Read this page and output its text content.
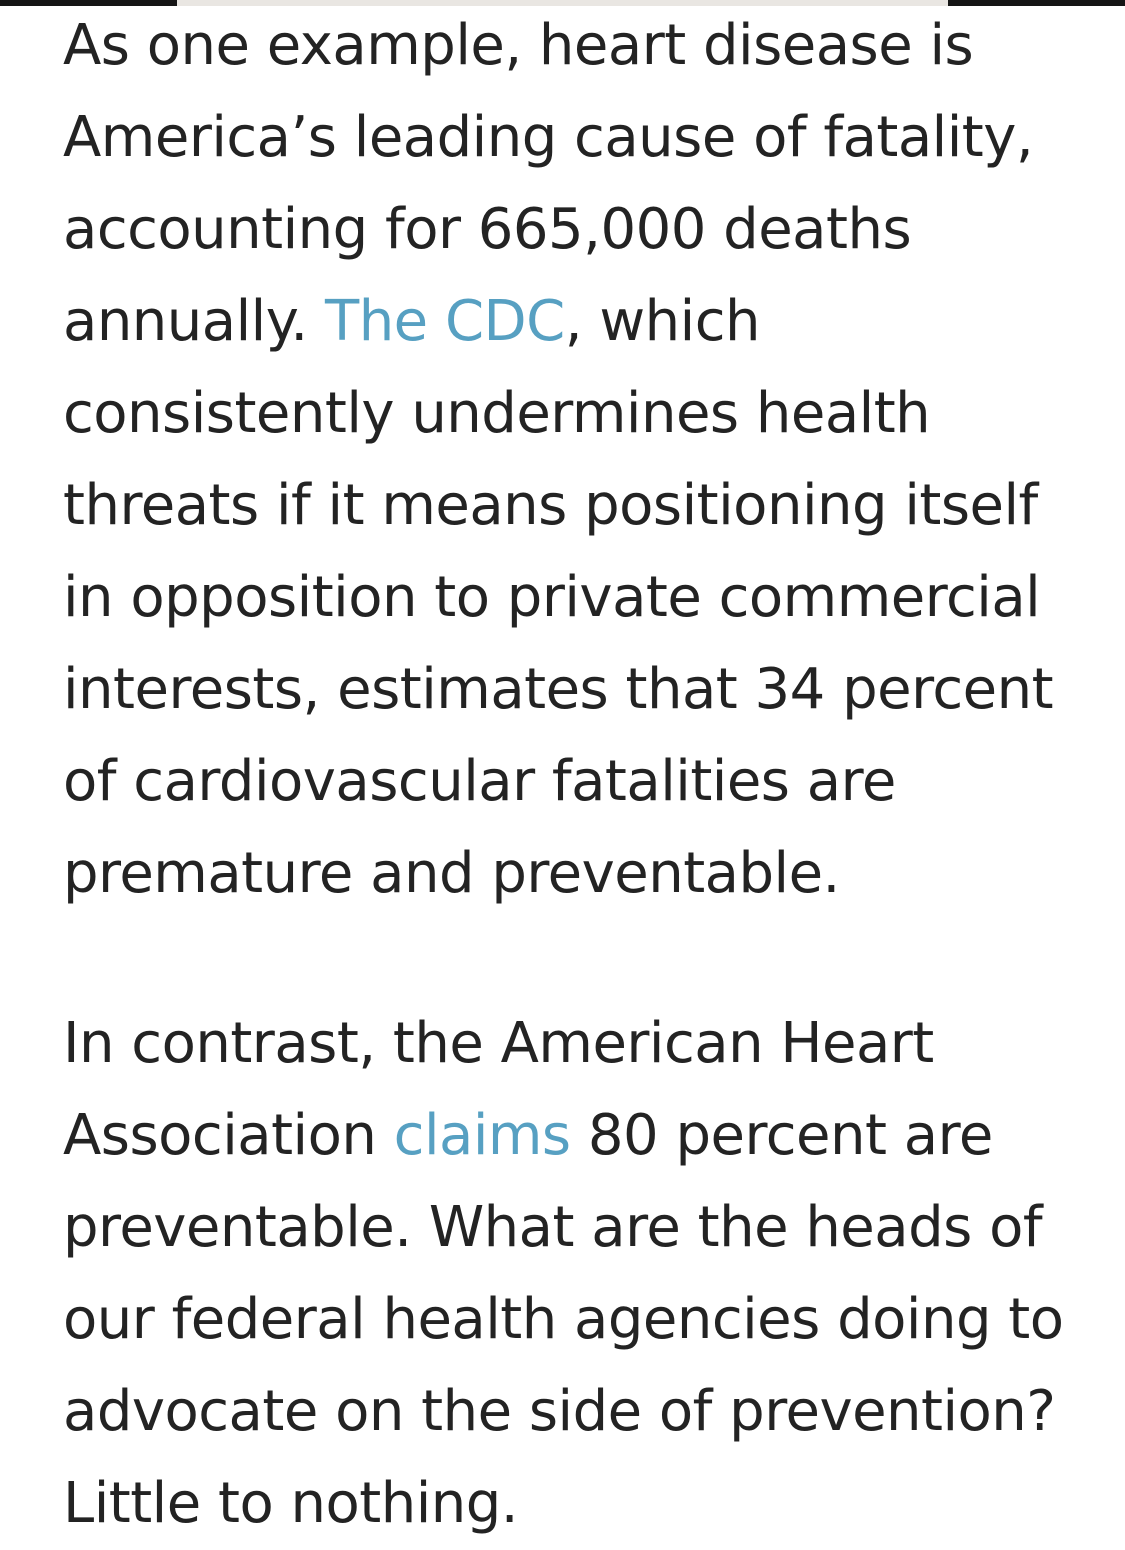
As one example, heart disease is
America’s leading cause of fatality,
accounting for 665,000 deaths
annually. The CDC, which
consistently undermines health
threats if it means positioning itself
in opposition to private commercial
interests, estimates that 34 percent
of cardiovascular fatalities are
premature and preventable.

In contrast, the American Heart
Association claims 80 percent are
preventable. What are the heads of
our federal health agencies doing to
advocate on the side of prevention?
Little to nothing.
